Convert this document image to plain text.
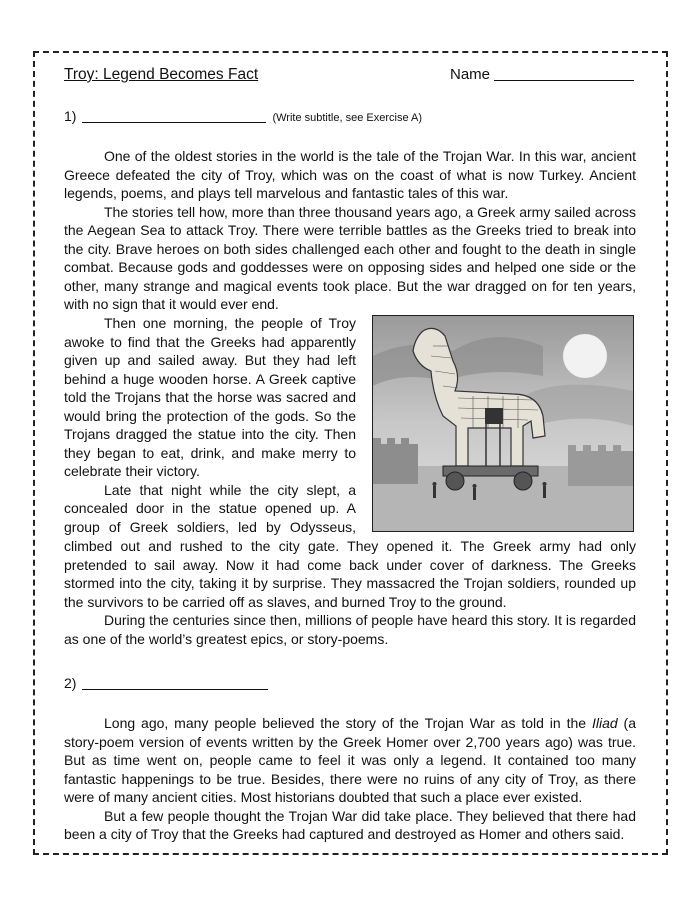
Troy: Legend Becomes Fact	Name
1)	(Write subtitle, see Exercise A)

One of the oldest stories in the world is the tale of the Trojan War. In this war, ancient Greece defeated the city of Troy, which was on the coast of what is now Turkey. Ancient legends, poems, and plays tell marvelous and fantastic tales of this war.

The stories tell how, more than three thousand years ago, a Greek army sailed across the Aegean Sea to attack Troy. There were terrible battles as the Greeks tried to break into the city. Brave heroes on both sides challenged each other and fought to the death in single combat. Because gods and goddesses were on opposing sides and helped one side or the other, many strange and magical events took place. But the war dragged on for ten years, with no sign that it would ever end.

Then one morning, the people of Troy awoke to find that the Greeks had apparently given up and sailed away. But they had left behind a huge wooden horse. A Greek captive told the Trojans that the horse was sacred and would bring the protection of the gods. So the Trojans dragged the statue into the city. Then they began to eat, drink, and make merry to celebrate their victory.

Late that night while the city slept, a concealed door in the statue opened up. A group of Greek soldiers, led by Odysseus,

climbed out and rushed to the city gate. They opened it. The Greek army had only pretended to sail away. Now it had come back under cover of darkness. The Greeks stormed into the city, taking it by surprise. They massacred the Trojan soldiers, rounded up the survivors to be carried off as slaves, and burned Troy to the ground.

During the centuries since then, millions of people have heard this story. It is regarded as one of the world’s greatest epics, or story-poems.

2)

Long ago, many people believed the story of the Trojan War as told in the Iliad (a story-poem version of events written by the Greek Homer over 2,700 years ago) was true. But as time went on, people came to feel it was only a legend. It contained too many fantastic happenings to be true. Besides, there were no ruins of any city of Troy, as there were of many ancient cities. Most historians doubted that such a place ever existed.

But a few people thought the Trojan War did take place. They believed that there had been a city of Troy that the Greeks had captured and destroyed as Homer and others said.
